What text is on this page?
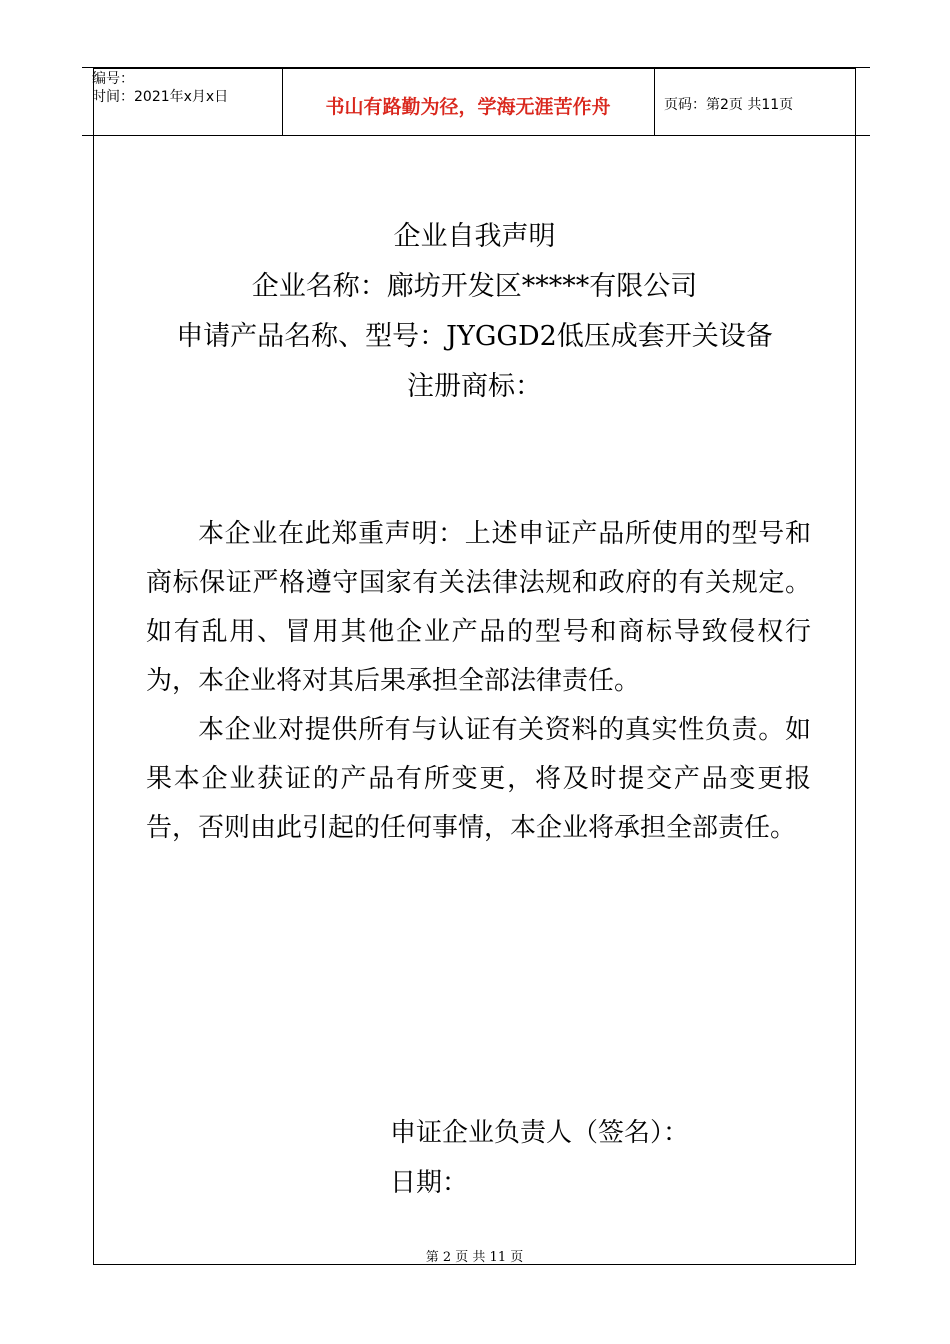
编号：
时间：2021年x月x日	书山有路勤为径，学海无涯苦作舟	页码：第2页 共11页
企业自我声明
企业名称：廊坊开发区*****有限公司
申请产品名称、型号：JYGGD2低压成套开关设备
注册商标：

本企业在此郑重声明：上述申证产品所使用的型号和商标保证严格遵守国家有关法律法规和政府的有关规定。如有乱用、冒用其他企业产品的型号和商标导致侵权行为，本企业将对其后果承担全部法律责任。

本企业对提供所有与认证有关资料的真实性负责。如果本企业获证的产品有所变更，将及时提交产品变更报告，否则由此引起的任何事情，本企业将承担全部责任。

申证企业负责人（签名）：
日期：
第 2 页 共 11 页
